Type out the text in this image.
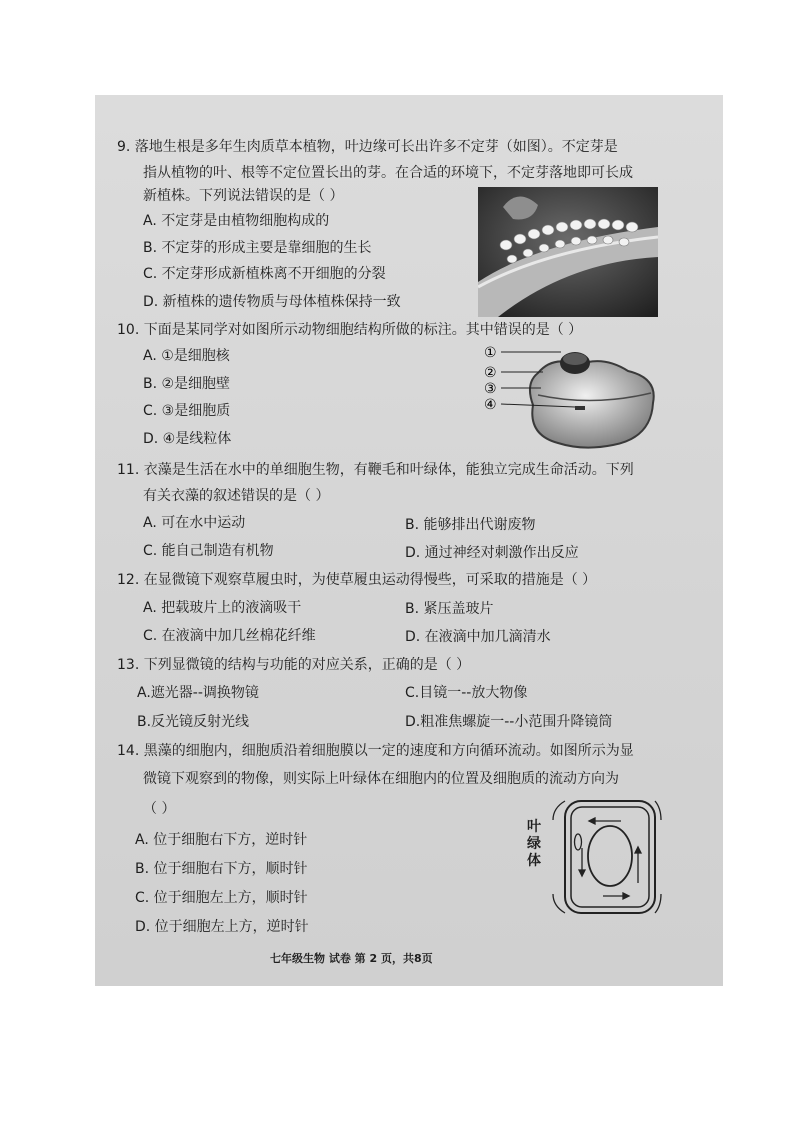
9. 落地生根是多年生肉质草本植物，叶边缘可长出许多不定芽（如图）。不定芽是
指从植物的叶、根等不定位置长出的芽。在合适的环境下，不定芽落地即可长成
新植株。下列说法错误的是（ ）
A. 不定芽是由植物细胞构成的
B. 不定芽的形成主要是靠细胞的生长
C. 不定芽形成新植株离不开细胞的分裂
D. 新植株的遗传物质与母体植株保持一致
10. 下面是某同学对如图所示动物细胞结构所做的标注。其中错误的是（ ）
A. ①是细胞核
B. ②是细胞壁
C. ③是细胞质
D. ④是线粒体
①
②
③
④
11. 衣藻是生活在水中的单细胞生物，有鞭毛和叶绿体，能独立完成生命活动。下列
有关衣藻的叙述错误的是（ ）
A. 可在水中运动	B. 能够排出代谢废物
C. 能自己制造有机物	D. 通过神经对刺激作出反应
12. 在显微镜下观察草履虫时，为使草履虫运动得慢些，可采取的措施是（ ）
A. 把载玻片上的液滴吸干	B. 紧压盖玻片
C. 在液滴中加几丝棉花纤维	D. 在液滴中加几滴清水
13. 下列显微镜的结构与功能的对应关系，正确的是（ ）
A.遮光器--调换物镜	C.目镜一--放大物像
B.反光镜反射光线	D.粗准焦螺旋一--小范围升降镜筒
14. 黑藻的细胞内，细胞质沿着细胞膜以一定的速度和方向循环流动。如图所示为显
微镜下观察到的物像，则实际上叶绿体在细胞内的位置及细胞质的流动方向为
（ ）
A. 位于细胞右下方，逆时针
B. 位于细胞右下方，顺时针
C. 位于细胞左上方，顺时针
D. 位于细胞左上方，逆时针
叶绿体
七年级生物 试卷 第 2 页，共8页
